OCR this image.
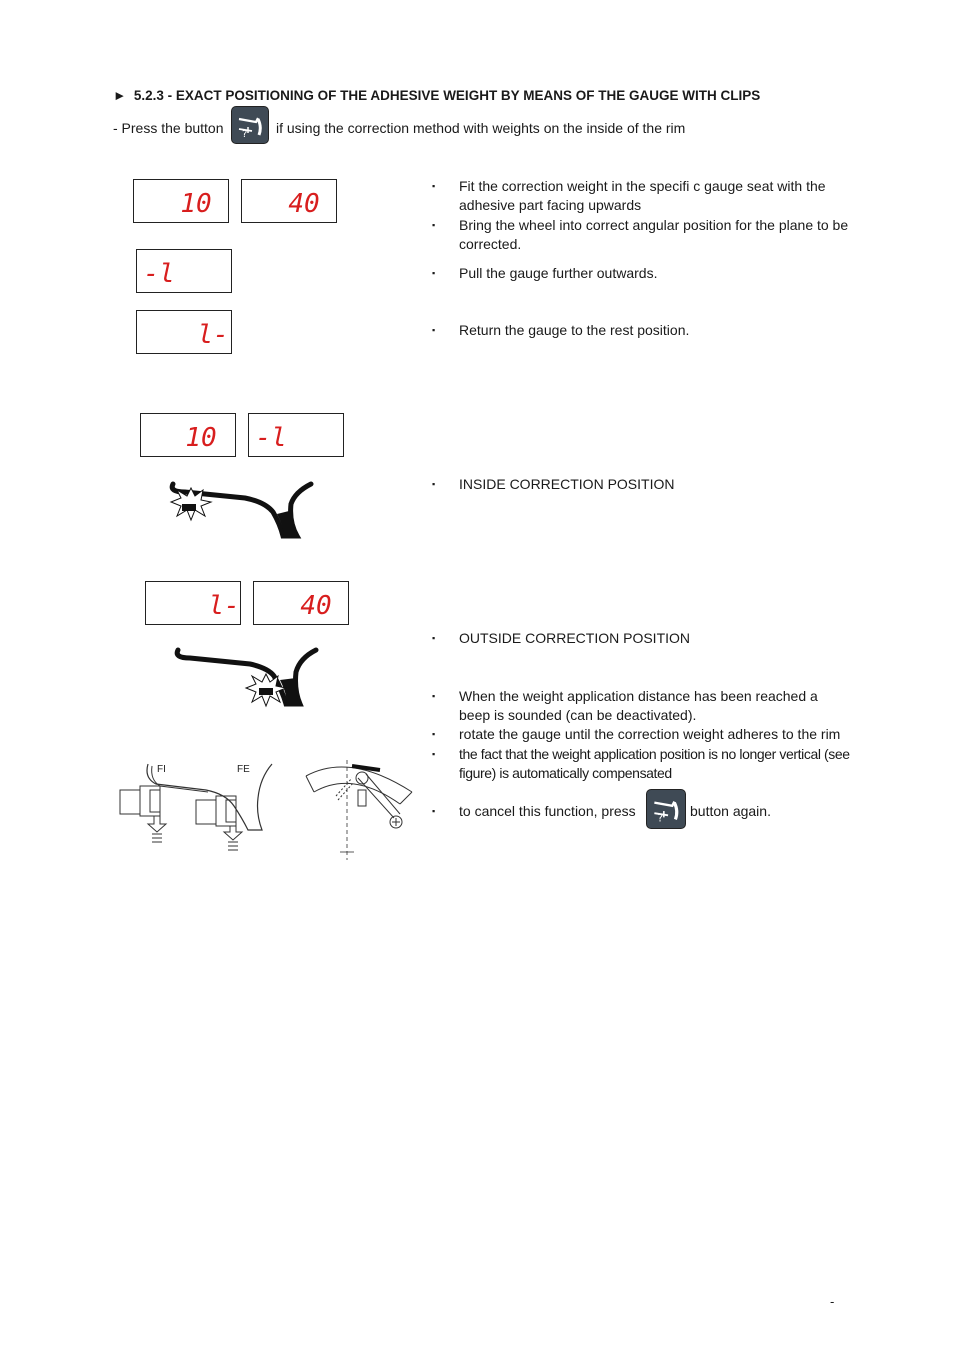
► 5.2.3 - EXACT POSITIONING OF THE ADHESIVE WEIGHT BY MEANS OF THE GAUGE WITH CLIPS
- Press the button ? if using the correction method with weights on the inside of the rim
10	40
-l
l-
10 -l
l- 40
FI	FE
▪ Fit the correction weight in the specifi c gauge seat with the adhesive part facing upwards
▪ Bring the wheel into correct angular position for the plane to be corrected.
▪ Pull the gauge further outwards.
▪ Return the gauge to the rest position.
▪ INSIDE CORRECTION POSITION
▪ OUTSIDE CORRECTION POSITION
▪ When the weight application distance has been reached a beep is sounded (can be deactivated).
▪ rotate the gauge until the correction weight adheres to the rim
▪ the fact that the weight application position is no longer vertical (see figure) is automatically compensated
▪ to cancel this function, press	? button again.
-
